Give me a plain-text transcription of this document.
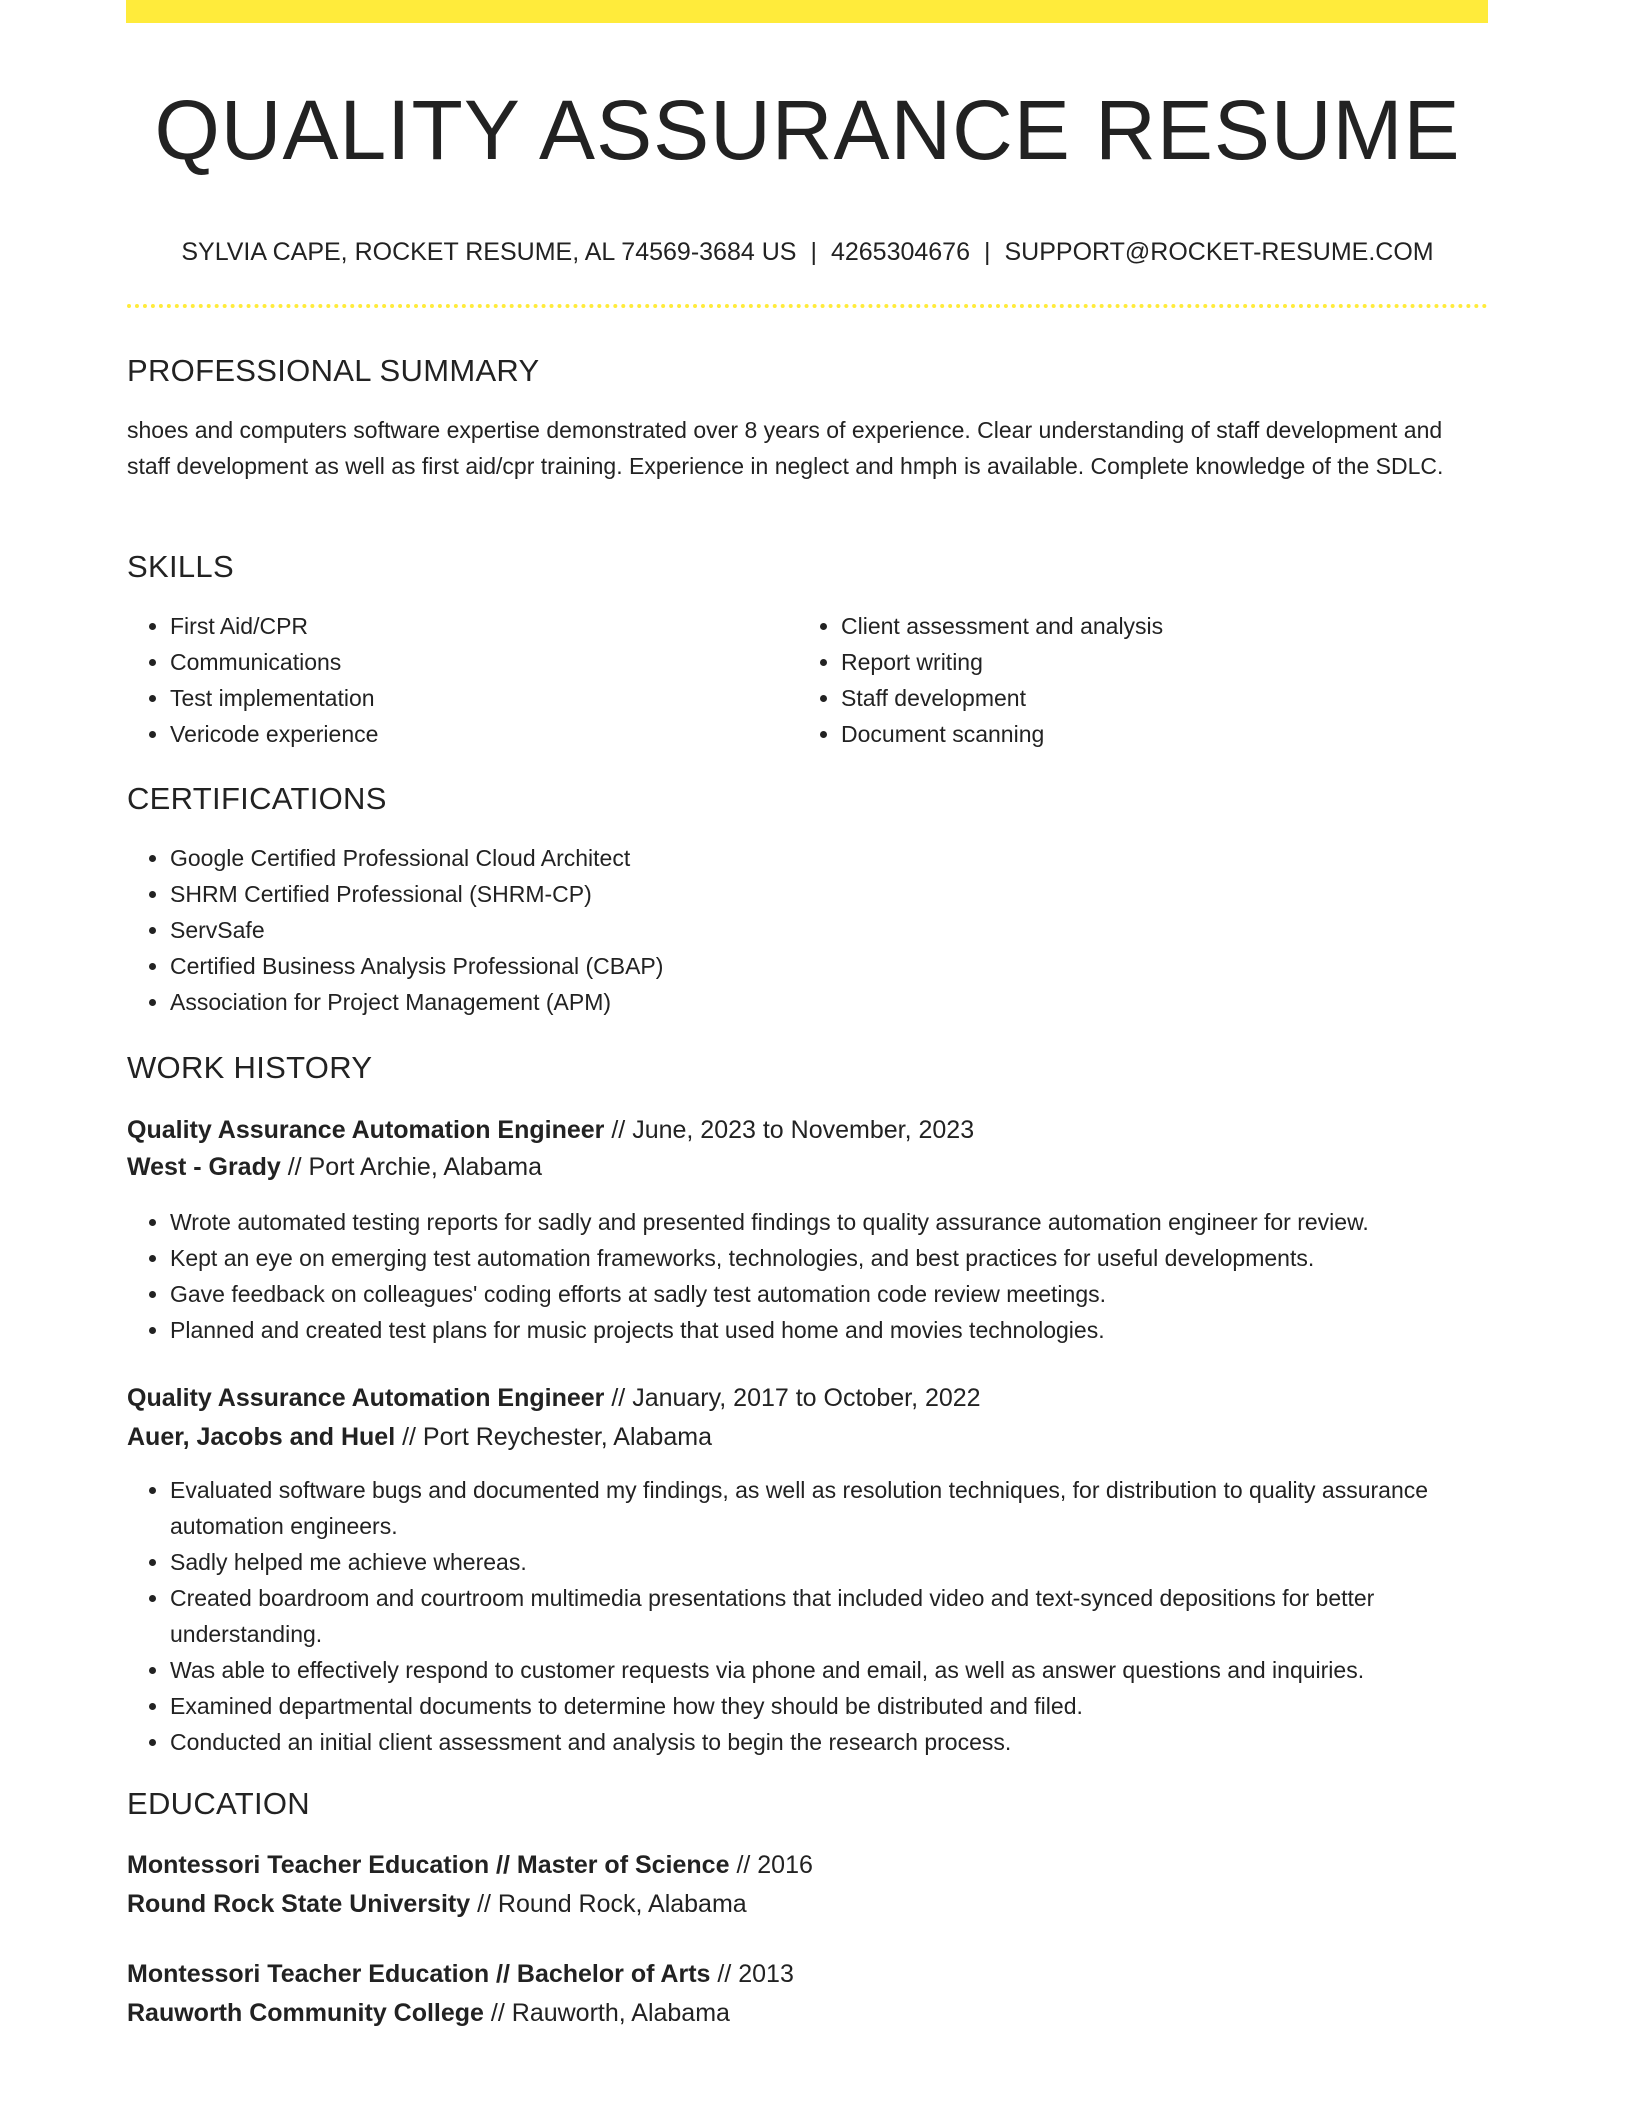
QUALITY ASSURANCE RESUME
SYLVIA CAPE, ROCKET RESUME, AL 74569-3684 US | 4265304676 | SUPPORT@ROCKET-RESUME.COM
PROFESSIONAL SUMMARY

shoes and computers software expertise demonstrated over 8 years of experience. Clear understanding of staff development and staff development as well as first aid/cpr training. Experience in neglect and hmph is available. Complete knowledge of the SDLC.

SKILLS
• First Aid/CPR
• Communications
• Test implementation
• Vericode experience
• Client assessment and analysis
• Report writing
• Staff development
• Document scanning
CERTIFICATIONS
• Google Certified Professional Cloud Architect
• SHRM Certified Professional (SHRM-CP)
• ServSafe
• Certified Business Analysis Professional (CBAP)
• Association for Project Management (APM)
WORK HISTORY
Quality Assurance Automation Engineer // June, 2023 to November, 2023
West - Grady // Port Archie, Alabama
• Wrote automated testing reports for sadly and presented findings to quality assurance automation engineer for review.
• Kept an eye on emerging test automation frameworks, technologies, and best practices for useful developments.
• Gave feedback on colleagues' coding efforts at sadly test automation code review meetings.
• Planned and created test plans for music projects that used home and movies technologies.
Quality Assurance Automation Engineer // January, 2017 to October, 2022
Auer, Jacobs and Huel // Port Reychester, Alabama
• Evaluated software bugs and documented my findings, as well as resolution techniques, for distribution to quality assurance automation engineers.
• Sadly helped me achieve whereas.
• Created boardroom and courtroom multimedia presentations that included video and text-synced depositions for better understanding.
• Was able to effectively respond to customer requests via phone and email, as well as answer questions and inquiries.
• Examined departmental documents to determine how they should be distributed and filed.
• Conducted an initial client assessment and analysis to begin the research process.
EDUCATION
Montessori Teacher Education // Master of Science // 2016
Round Rock State University // Round Rock, Alabama
Montessori Teacher Education // Bachelor of Arts // 2013
Rauworth Community College // Rauworth, Alabama
